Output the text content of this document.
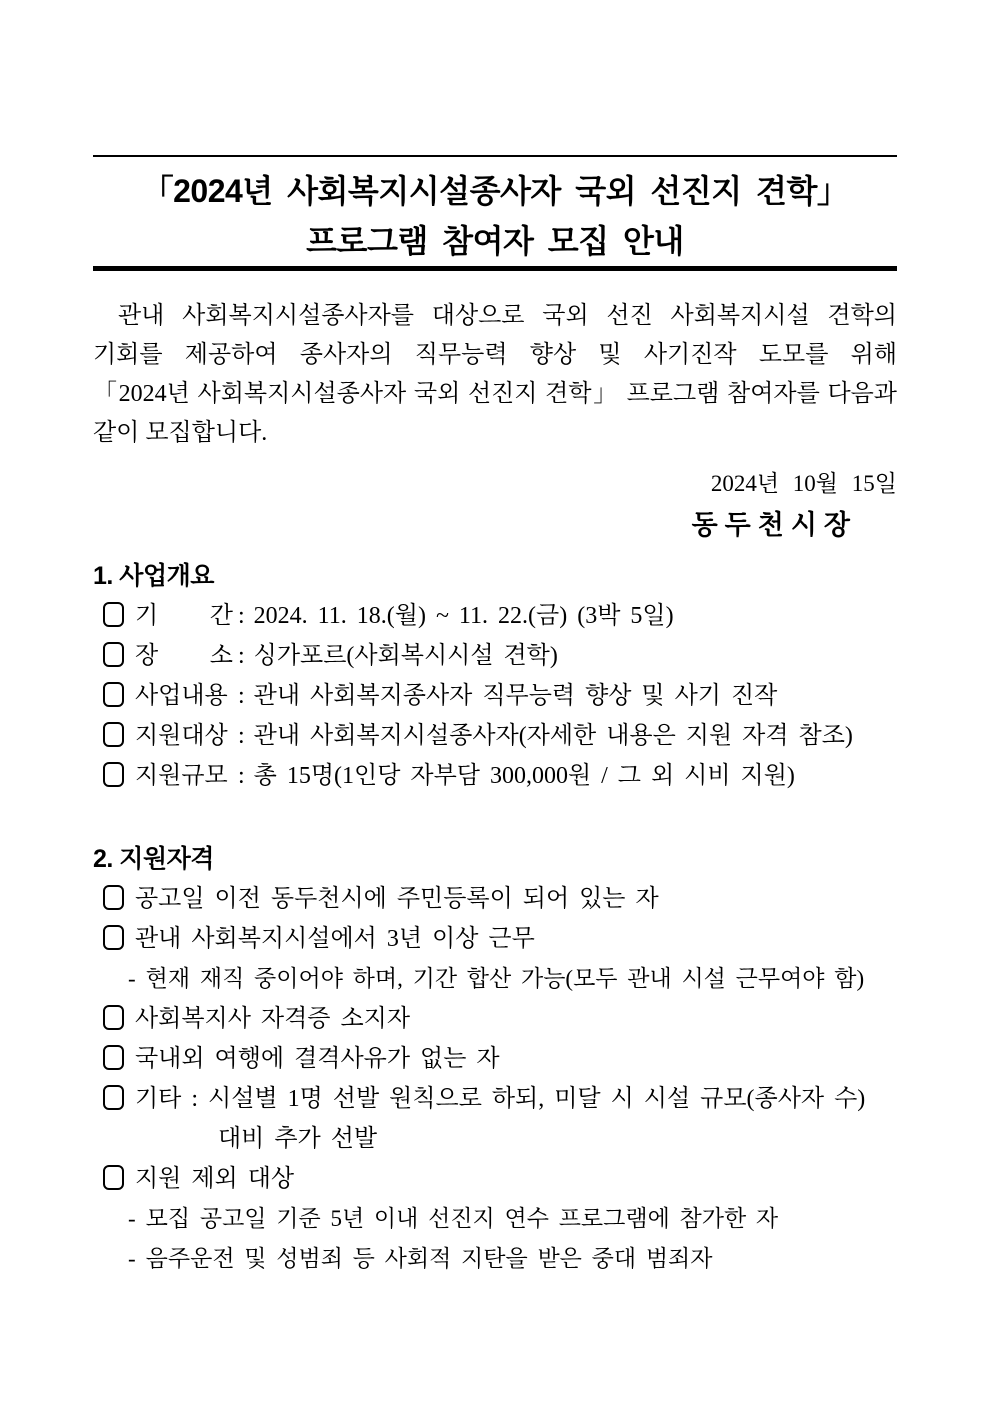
「2024년 사회복지시설종사자 국외 선진지 견학」
프로그램 참여자 모집 안내
관내 사회복지시설종사자를 대상으로 국외 선진 사회복지시설 견학의
기회를 제공하여 종사자의 직무능력 향상 및 사기진작 도모를 위해
「2024년 사회복지시설종사자 국외 선진지 견학」 프로그램 참여자를 다음과
같이 모집합니다.
2024년 10월 15일
동두천시장
1. 사업개요
기 간 : 2024. 11. 18.(월) ~ 11. 22.(금) (3박 5일)
장 소 : 싱가포르(사회복시시설 견학)
사업내용 : 관내 사회복지종사자 직무능력 향상 및 사기 진작
지원대상 : 관내 사회복지시설종사자(자세한 내용은 지원 자격 참조)
지원규모 : 총 15명(1인당 자부담 300,000원 / 그 외 시비 지원)
2. 지원자격
공고일 이전 동두천시에 주민등록이 되어 있는 자
관내 사회복지시설에서 3년 이상 근무
- 현재 재직 중이어야 하며, 기간 합산 가능(모두 관내 시설 근무여야 함)
사회복지사 자격증 소지자
국내외 여행에 결격사유가 없는 자
기타 : 시설별 1명 선발 원칙으로 하되, 미달 시 시설 규모(종사자 수)
대비 추가 선발
지원 제외 대상
- 모집 공고일 기준 5년 이내 선진지 연수 프로그램에 참가한 자
- 음주운전 및 성범죄 등 사회적 지탄을 받은 중대 범죄자
